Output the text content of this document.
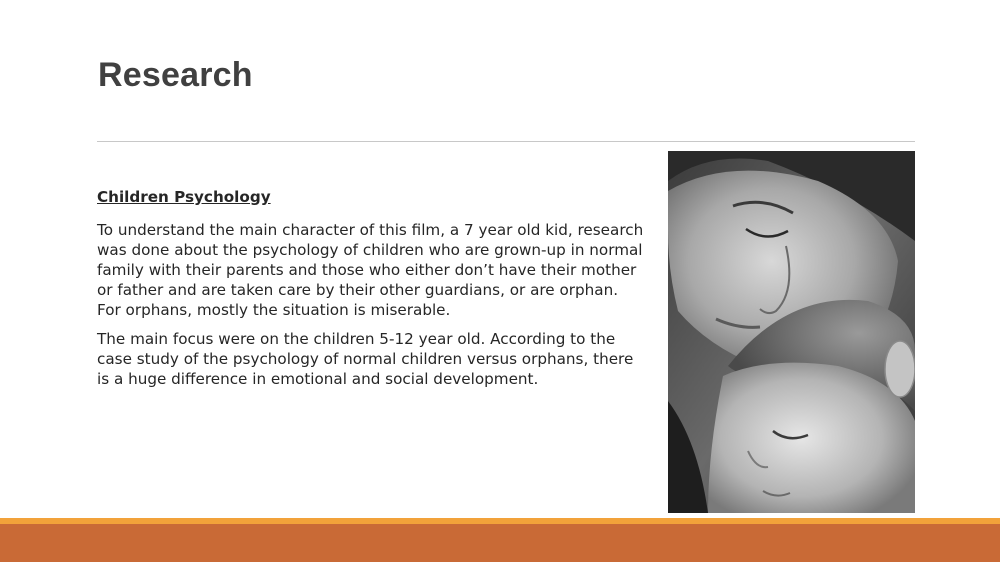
Research

Children Psychology

To understand the main character of this film, a 7 year old kid, research was done about the psychology of children who are grown-up in normal family with their parents and those who either don’t have their mother or father and are taken care by their other guardians, or are orphan. For orphans, mostly the situation is miserable.

The main focus were on the children 5-12 year old. According to the case study of the psychology of normal children versus orphans, there is a huge difference in emotional and social development.
